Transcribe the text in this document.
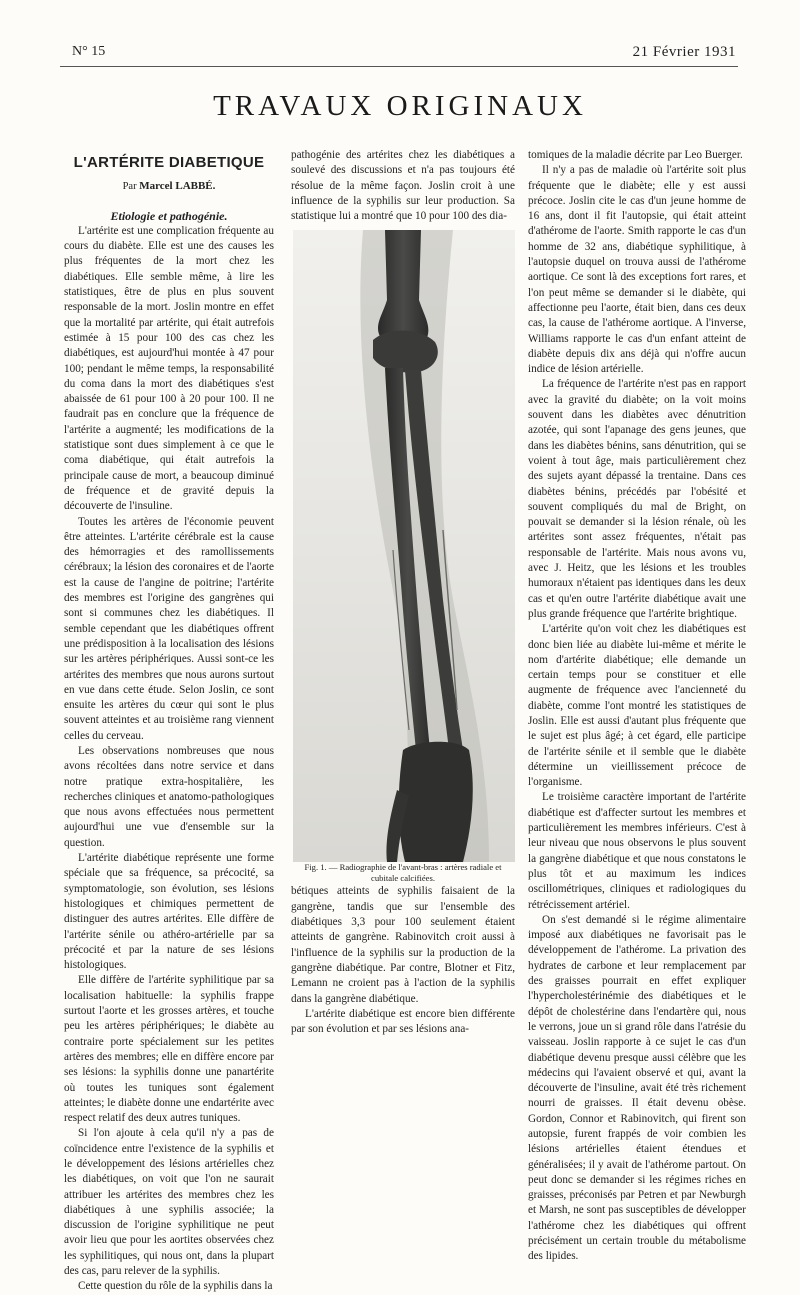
N° 15	21 Février 1931
TRAVAUX ORIGINAUX
L'ARTÉRITE DIABETIQUE
Par Marcel LABBÉ.

Etiologie et pathogénie.

L'artérite est une complication fréquente au cours du diabète. Elle est une des causes les plus fréquentes de la mort chez les diabétiques. Elle semble même, à lire les statistiques, être de plus en plus souvent responsable de la mort. Joslin montre en effet que la mortalité par artérite, qui était autrefois estimée à 15 pour 100 des cas chez les diabétiques, est aujourd'hui montée à 47 pour 100; pendant le même temps, la responsabilité du coma dans la mort des diabétiques s'est abaissée de 61 pour 100 à 20 pour 100. Il ne faudrait pas en conclure que la fréquence de l'artérite a augmenté; les modifications de la statistique sont dues simplement à ce que le coma diabétique, qui était autrefois la principale cause de mort, a beaucoup diminué de fréquence et de gravité depuis la découverte de l'insuline.

Toutes les artères de l'économie peuvent être atteintes. L'artérite cérébrale est la cause des hémorragies et des ramollissements cérébraux; la lésion des coronaires et de l'aorte est la cause de l'angine de poitrine; l'artérite des membres est l'origine des gangrènes qui sont si communes chez les diabétiques. Il semble cependant que les diabétiques offrent une prédisposition à la localisation des lésions sur les artères périphériques. Aussi sont-ce les artérites des membres que nous aurons surtout en vue dans cette étude. Selon Joslin, ce sont ensuite les artères du cœur qui sont le plus souvent atteintes et au troisième rang viennent celles du cerveau.

Les observations nombreuses que nous avons récoltées dans notre service et dans notre pratique extra-hospitalière, les recherches cliniques et anatomo-pathologiques que nous avons effectuées nous permettent aujourd'hui une vue d'ensemble sur la question.

L'artérite diabétique représente une forme spéciale que sa fréquence, sa précocité, sa symptomatologie, son évolution, ses lésions histologiques et chimiques permettent de distinguer des autres artérites. Elle diffère de l'artérite sénile ou athéro-artérielle par sa précocité et par la nature de ses lésions histologiques.

Elle diffère de l'artérite syphilitique par sa localisation habituelle: la syphilis frappe surtout l'aorte et les grosses artères, et touche peu les artères périphériques; le diabète au contraire porte spécialement sur les petites artères des membres; elle en diffère encore par ses lésions: la syphilis donne une panartérite où toutes les tuniques sont également atteintes; le diabète donne une endartérite avec respect relatif des deux autres tuniques.

Si l'on ajoute à cela qu'il n'y a pas de coïncidence entre l'existence de la syphilis et le développement des lésions artérielles chez les diabétiques, on voit que l'on ne saurait attribuer les artérites des membres chez les diabétiques à une syphilis associée; la discussion de l'origine syphilitique ne peut avoir lieu que pour les aortites observées chez les syphilitiques, qui nous ont, dans la plupart des cas, paru relever de la syphilis.

Cette question du rôle de la syphilis dans la

pathogénie des artérites chez les diabétiques a soulevé des discussions et n'a pas toujours été résolue de la même façon. Joslin croit à une influence de la syphilis sur leur production. Sa statistique lui a montré que 10 pour 100 des dia-

Fig. 1. — Radiographie de l'avant-bras : artères radiale et cubitale calcifiées.

bétiques atteints de syphilis faisaient de la gangrène, tandis que sur l'ensemble des diabétiques 3,3 pour 100 seulement étaient atteints de gangrène. Rabinovitch croit aussi à l'influence de la syphilis sur la production de la gangrène diabétique. Par contre, Blotner et Fitz, Lemann ne croient pas à l'action de la syphilis dans la gangrène diabétique.

L'artérite diabétique est encore bien différente par son évolution et par ses lésions ana-

tomiques de la maladie décrite par Leo Buerger.

Il n'y a pas de maladie où l'artérite soit plus fréquente que le diabète; elle y est aussi précoce. Joslin cite le cas d'un jeune homme de 16 ans, dont il fit l'autopsie, qui était atteint d'athérome de l'aorte. Smith rapporte le cas d'un homme de 32 ans, diabétique syphilitique, à l'autopsie duquel on trouva aussi de l'athérome aortique. Ce sont là des exceptions fort rares, et l'on peut même se demander si le diabète, qui affectionne peu l'aorte, était bien, dans ces deux cas, la cause de l'athérome aortique. A l'inverse, Williams rapporte le cas d'un enfant atteint de diabète depuis dix ans déjà qui n'offre aucun indice de lésion artérielle.

La fréquence de l'artérite n'est pas en rapport avec la gravité du diabète; on la voit moins souvent dans les diabètes avec dénutrition azotée, qui sont l'apanage des gens jeunes, que dans les diabètes bénins, sans dénutrition, qui se voient à tout âge, mais particulièrement chez des sujets ayant dépassé la trentaine. Dans ces diabètes bénins, précédés par l'obésité et souvent compliqués du mal de Bright, on pouvait se demander si la lésion rénale, où les artérites sont assez fréquentes, n'était pas responsable de l'artérite. Mais nous avons vu, avec J. Heitz, que les lésions et les troubles humoraux n'étaient pas identiques dans les deux cas et qu'en outre l'artérite diabétique avait une plus grande fréquence que l'artérite brightique.

L'artérite qu'on voit chez les diabétiques est donc bien liée au diabète lui-même et mérite le nom d'artérite diabétique; elle demande un certain temps pour se constituer et elle augmente de fréquence avec l'ancienneté du diabète, comme l'ont montré les statistiques de Joslin. Elle est aussi d'autant plus fréquente que le sujet est plus âgé; à cet égard, elle participe de l'artérite sénile et il semble que le diabète détermine un vieillissement précoce de l'organisme.

Le troisième caractère important de l'artérite diabétique est d'affecter surtout les membres et particulièrement les membres inférieurs. C'est à leur niveau que nous observons le plus souvent la gangrène diabétique et que nous constatons le plus tôt et au maximum les indices oscillométriques, cliniques et radiologiques du rétrécissement artériel.

On s'est demandé si le régime alimentaire imposé aux diabétiques ne favorisait pas le développement de l'athérome. La privation des hydrates de carbone et leur remplacement par des graisses pourrait en effet expliquer l'hypercholestérinémie des diabétiques et le dépôt de cholestérine dans l'endartère qui, nous le verrons, joue un si grand rôle dans l'atrésie du vaisseau. Joslin rapporte à ce sujet le cas d'un diabétique devenu presque aussi célèbre que les médecins qui l'avaient observé et qui, avant la découverte de l'insuline, avait été très richement nourri de graisses. Il était devenu obèse. Gordon, Connor et Rabinovitch, qui firent son autopsie, furent frappés de voir combien les lésions artérielles étaient étendues et généralisées; il y avait de l'athérome partout. On peut donc se demander si les régimes riches en graisses, préconisés par Petren et par Newburgh et Marsh, ne sont pas susceptibles de développer l'athérome chez les diabétiques qui offrent précisément un certain trouble du métabolisme des lipides.
